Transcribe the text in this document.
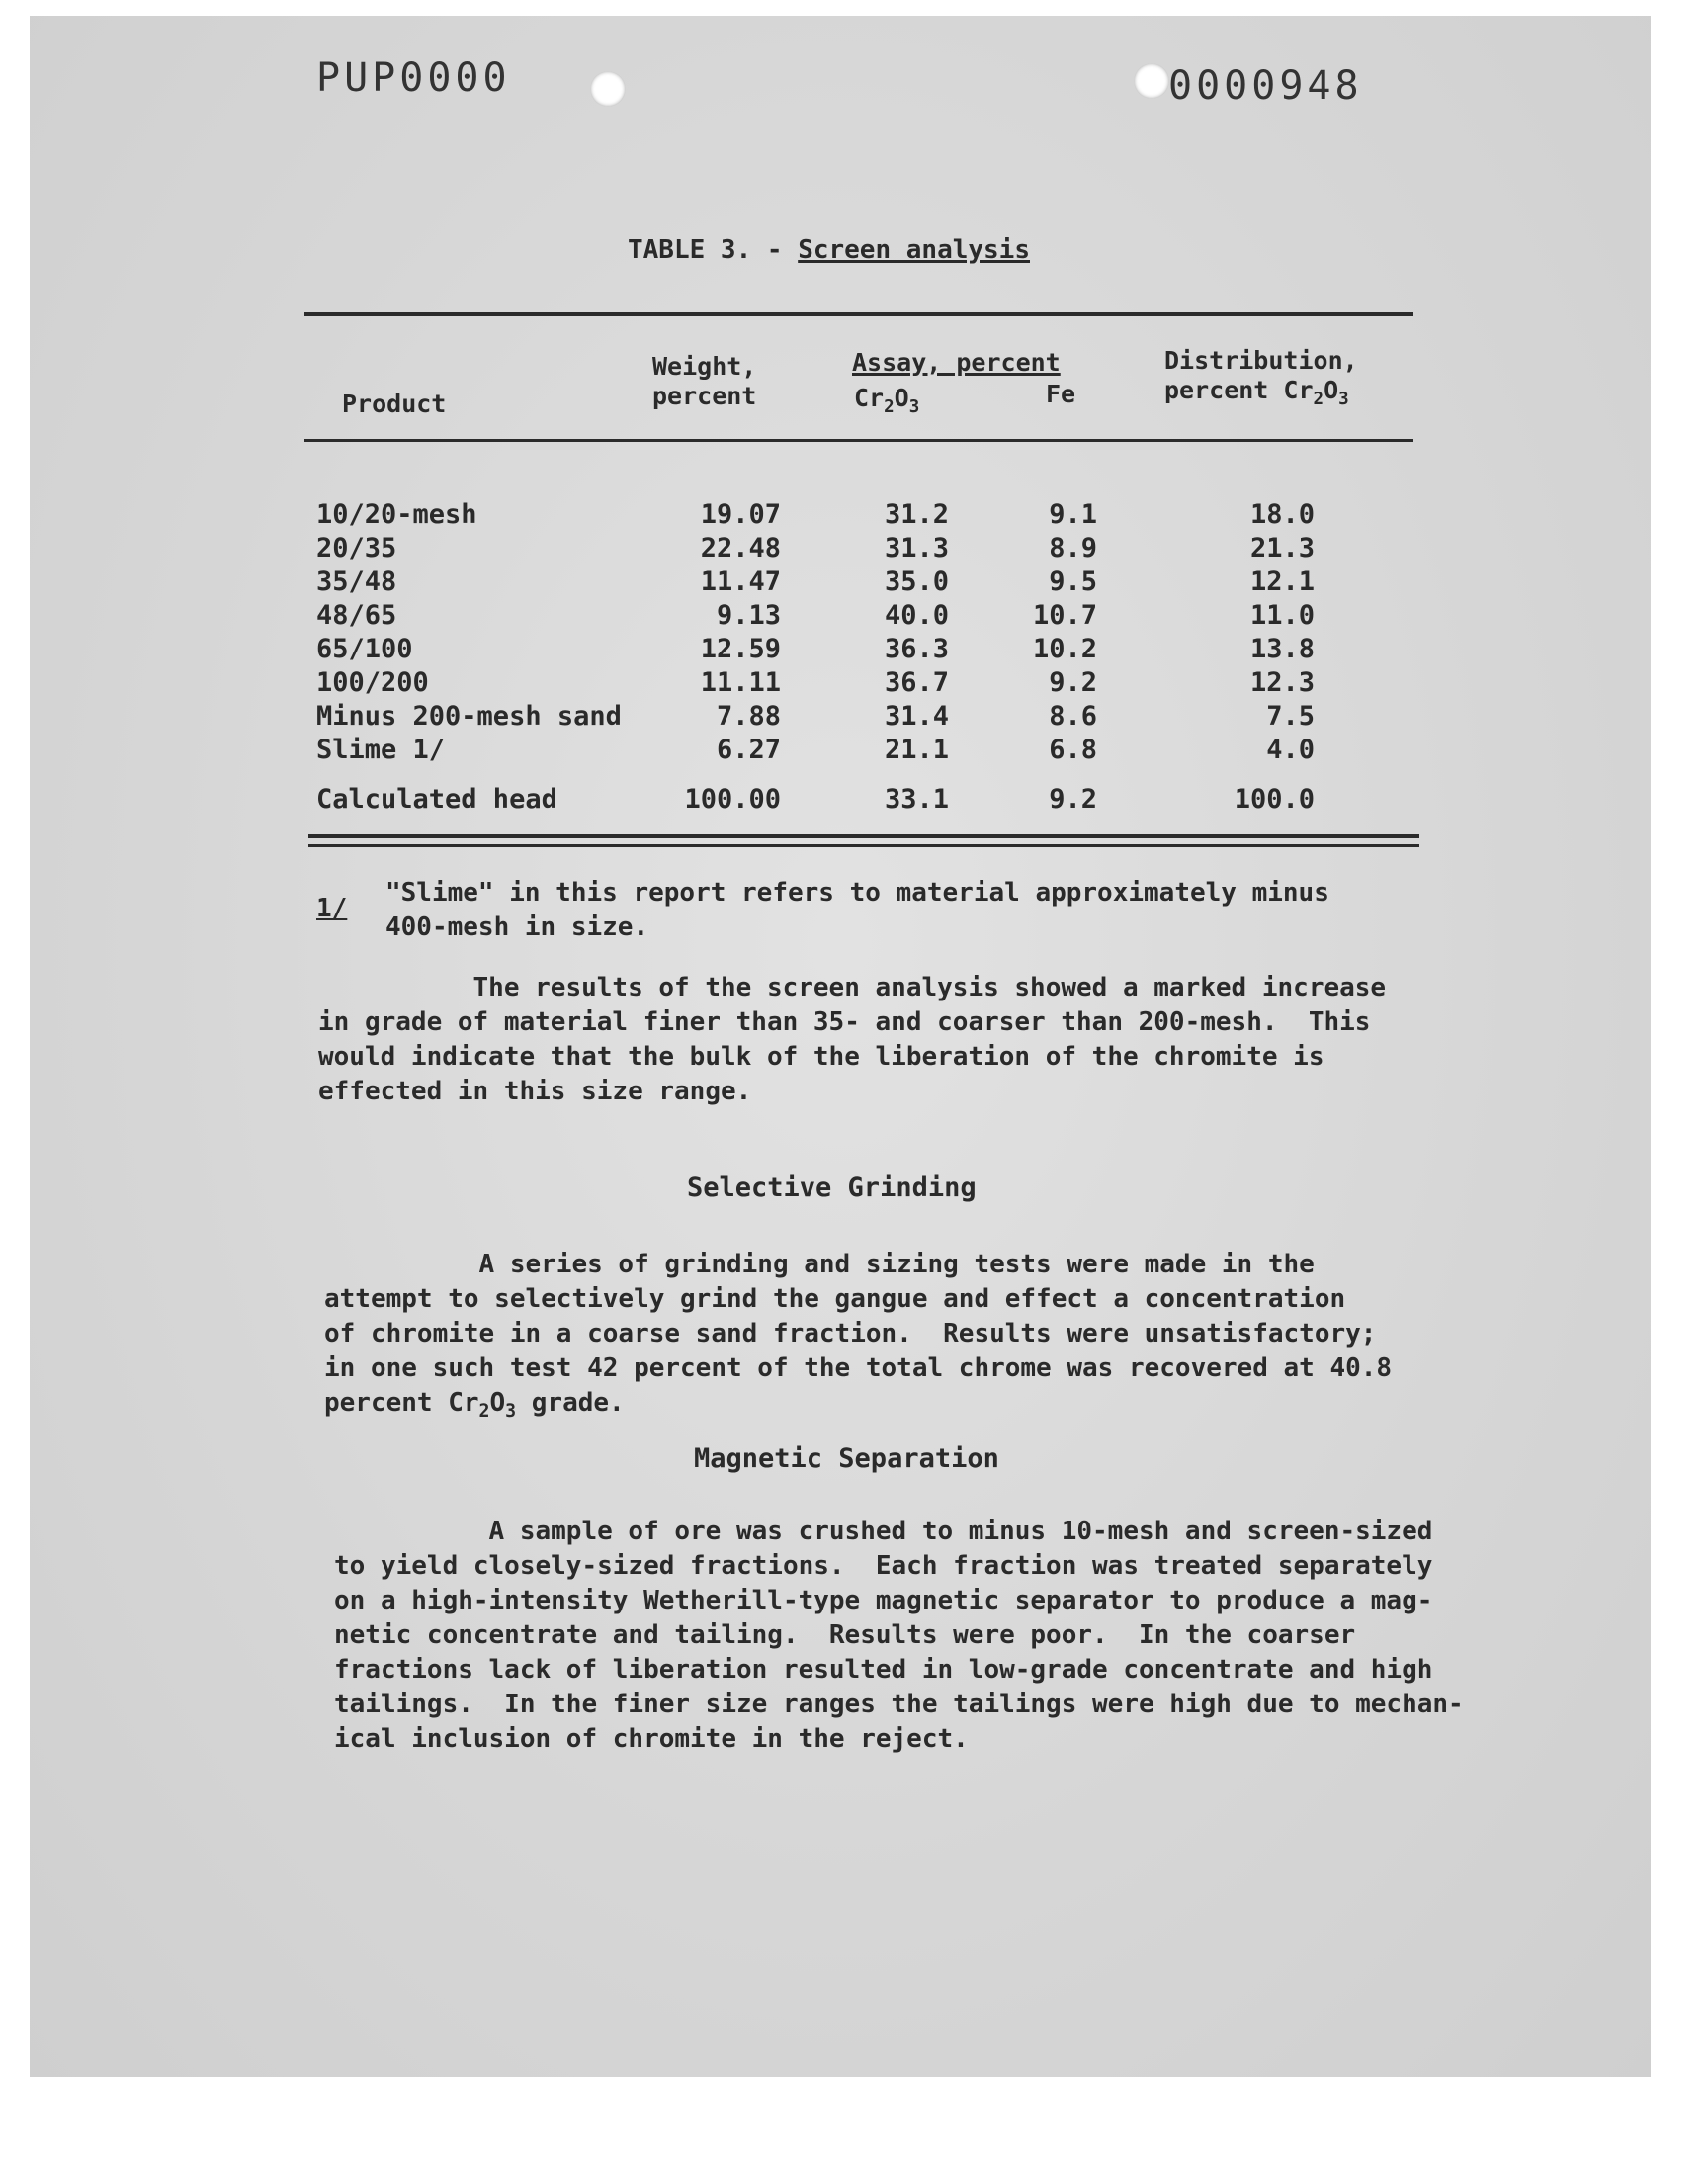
PUP0000	0000948
TABLE 3. - Screen analysis
Product
Weight,
percent
Assay, percent
$Cr_2O_3$	Fe
Distribution,
percent $Cr_2O_3$
10/20-mesh	19.07	31.2	9.1	18.0
20/35	22.48	31.3	8.9	21.3
35/48	11.47	35.0	9.5	12.1
48/65	9.13	40.0	10.7	11.0
65/100	12.59	36.3	10.2	13.8
100/200	11.11	36.7	9.2	12.3
Minus 200-mesh sand	7.88	31.4	8.6	7.5
Slime 1/	6.27	21.1	6.8	4.0
Calculated head	100.00	33.1	9.2	100.0
1/
"Slime" in this report refers to material approximately minus
400-mesh in size.
The results of the screen analysis showed a marked increase
in grade of material finer than 35- and coarser than 200-mesh.  This
would indicate that the bulk of the liberation of the chromite is
effected in this size range.
Selective Grinding
A series of grinding and sizing tests were made in the
attempt to selectively grind the gangue and effect a concentration
of chromite in a coarse sand fraction.  Results were unsatisfactory;
in one such test 42 percent of the total chrome was recovered at 40.8
percent $Cr_2O_3$ grade.
Magnetic Separation
A sample of ore was crushed to minus 10-mesh and screen-sized
to yield closely-sized fractions.  Each fraction was treated separately
on a high-intensity Wetherill-type magnetic separator to produce a mag-
netic concentrate and tailing.  Results were poor.  In the coarser
fractions lack of liberation resulted in low-grade concentrate and high
tailings.  In the finer size ranges the tailings were high due to mechan-
ical inclusion of chromite in the reject.
